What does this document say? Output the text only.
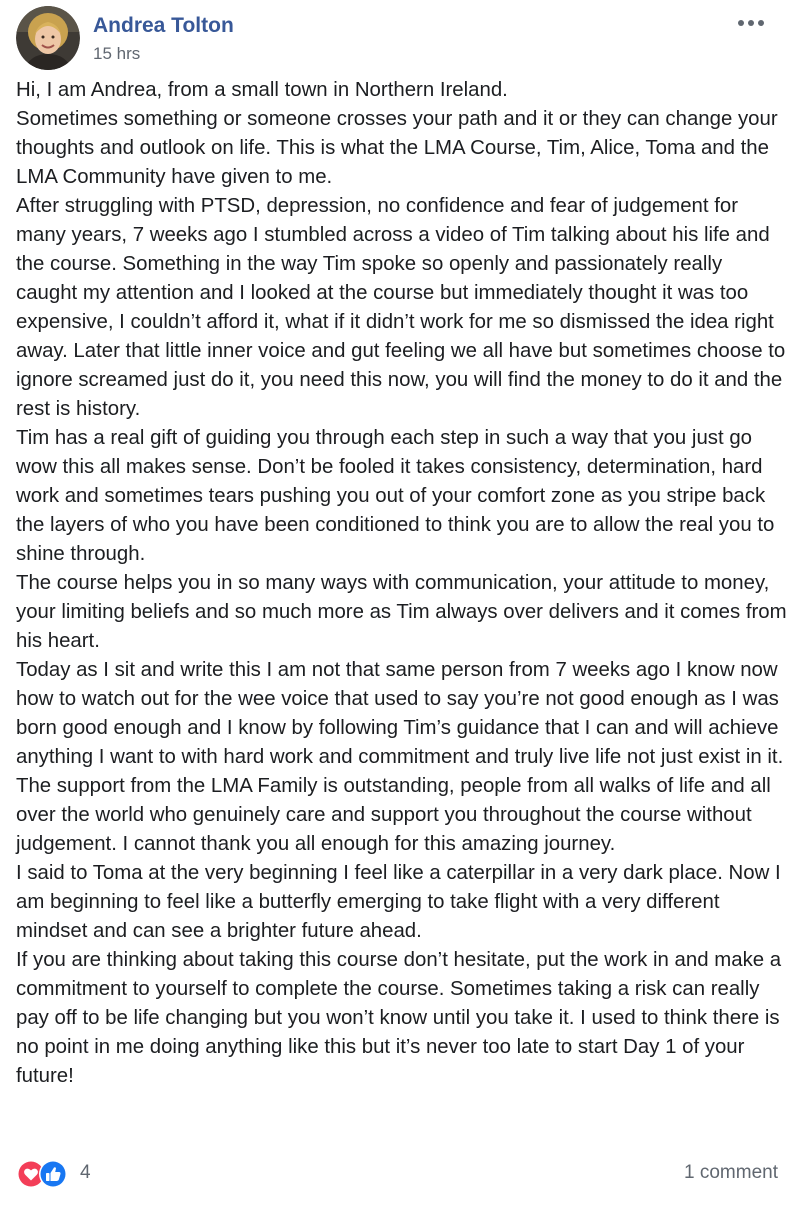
Andrea Tolton
15 hrs

Hi, I am Andrea, from a small town in Northern Ireland.

Sometimes something or someone crosses your path and it or they can change your thoughts and outlook on life. This is what the LMA Course, Tim, Alice, Toma and the LMA Community have given to me.

After struggling with PTSD, depression, no confidence and fear of judgement for many years, 7 weeks ago I stumbled across a video of Tim talking about his life and the course. Something in the way Tim spoke so openly and passionately really caught my attention and I looked at the course but immediately thought it was too expensive, I couldn’t afford it, what if it didn’t work for me so dismissed the idea right away. Later that little inner voice and gut feeling we all have but sometimes choose to ignore screamed just do it, you need this now, you will find the money to do it and the rest is history.

Tim has a real gift of guiding you through each step in such a way that you just go wow this all makes sense. Don’t be fooled it takes consistency, determination, hard work and sometimes tears pushing you out of your comfort zone as you stripe back the layers of who you have been conditioned to think you are to allow the real you to shine through.

The course helps you in so many ways with communication, your attitude to money, your limiting beliefs and so much more as Tim always over delivers and it comes from his heart.

Today as I sit and write this I am not that same person from 7 weeks ago I know now how to watch out for the wee voice that used to say you’re not good enough as I was born good enough and I know by following Tim’s guidance that I can and will achieve anything I want to with hard work and commitment and truly live life not just exist in it. The support from the LMA Family is outstanding, people from all walks of life and all over the world who genuinely care and support you throughout the course without judgement. I cannot thank you all enough for this amazing journey.

I said to Toma at the very beginning I feel like a caterpillar in a very dark place. Now I am beginning to feel like a butterfly emerging to take flight with a very different mindset and can see a brighter future ahead.

If you are thinking about taking this course don’t hesitate, put the work in and make a commitment to yourself to complete the course. Sometimes taking a risk can really pay off to be life changing but you won’t know until you take it. I used to think there is no point in me doing anything like this but it’s never too late to start Day 1 of your future!

4	1 comment
